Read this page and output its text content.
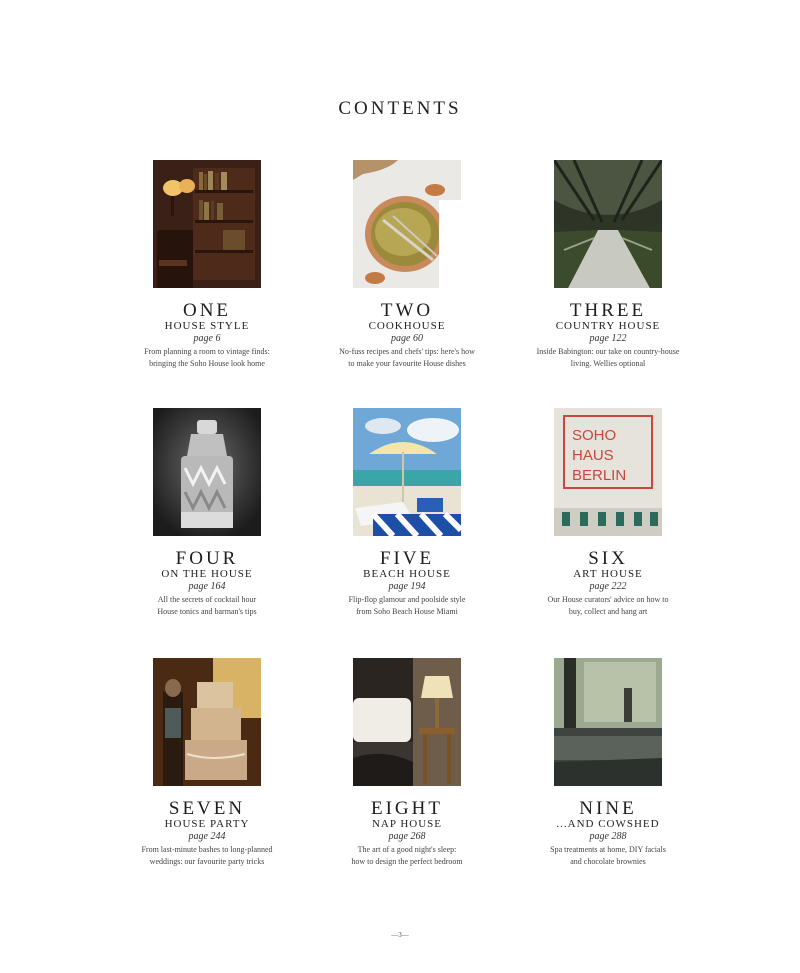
CONTENTS
ONE
HOUSE STYLE
page 6
From planning a room to vintage finds:
bringing the Soho House look home
TWO
COOKHOUSE
page 60
No-fuss recipes and chefs' tips: here's how
to make your favourite House dishes
THREE
COUNTRY HOUSE
page 122
Inside Babington: our take on country-house
living. Wellies optional
FOUR
ON THE HOUSE
page 164
All the secrets of cocktail hour
House tonics and barman's tips
FIVE
BEACH HOUSE
page 194
Flip-flop glamour and poolside style
from Soho Beach House Miami
SOHO
HAUS
BERLIN
SIX
ART HOUSE
page 222
Our House curators' advice on how to
buy, collect and hang art
SEVEN
HOUSE PARTY
page 244
From last-minute bashes to long-planned
weddings: our favourite party tricks
EIGHT
NAP HOUSE
page 268
The art of a good night's sleep:
how to design the perfect bedroom
NINE
...AND COWSHED
page 288
Spa treatments at home, DIY facials
and chocolate brownies
—3—
